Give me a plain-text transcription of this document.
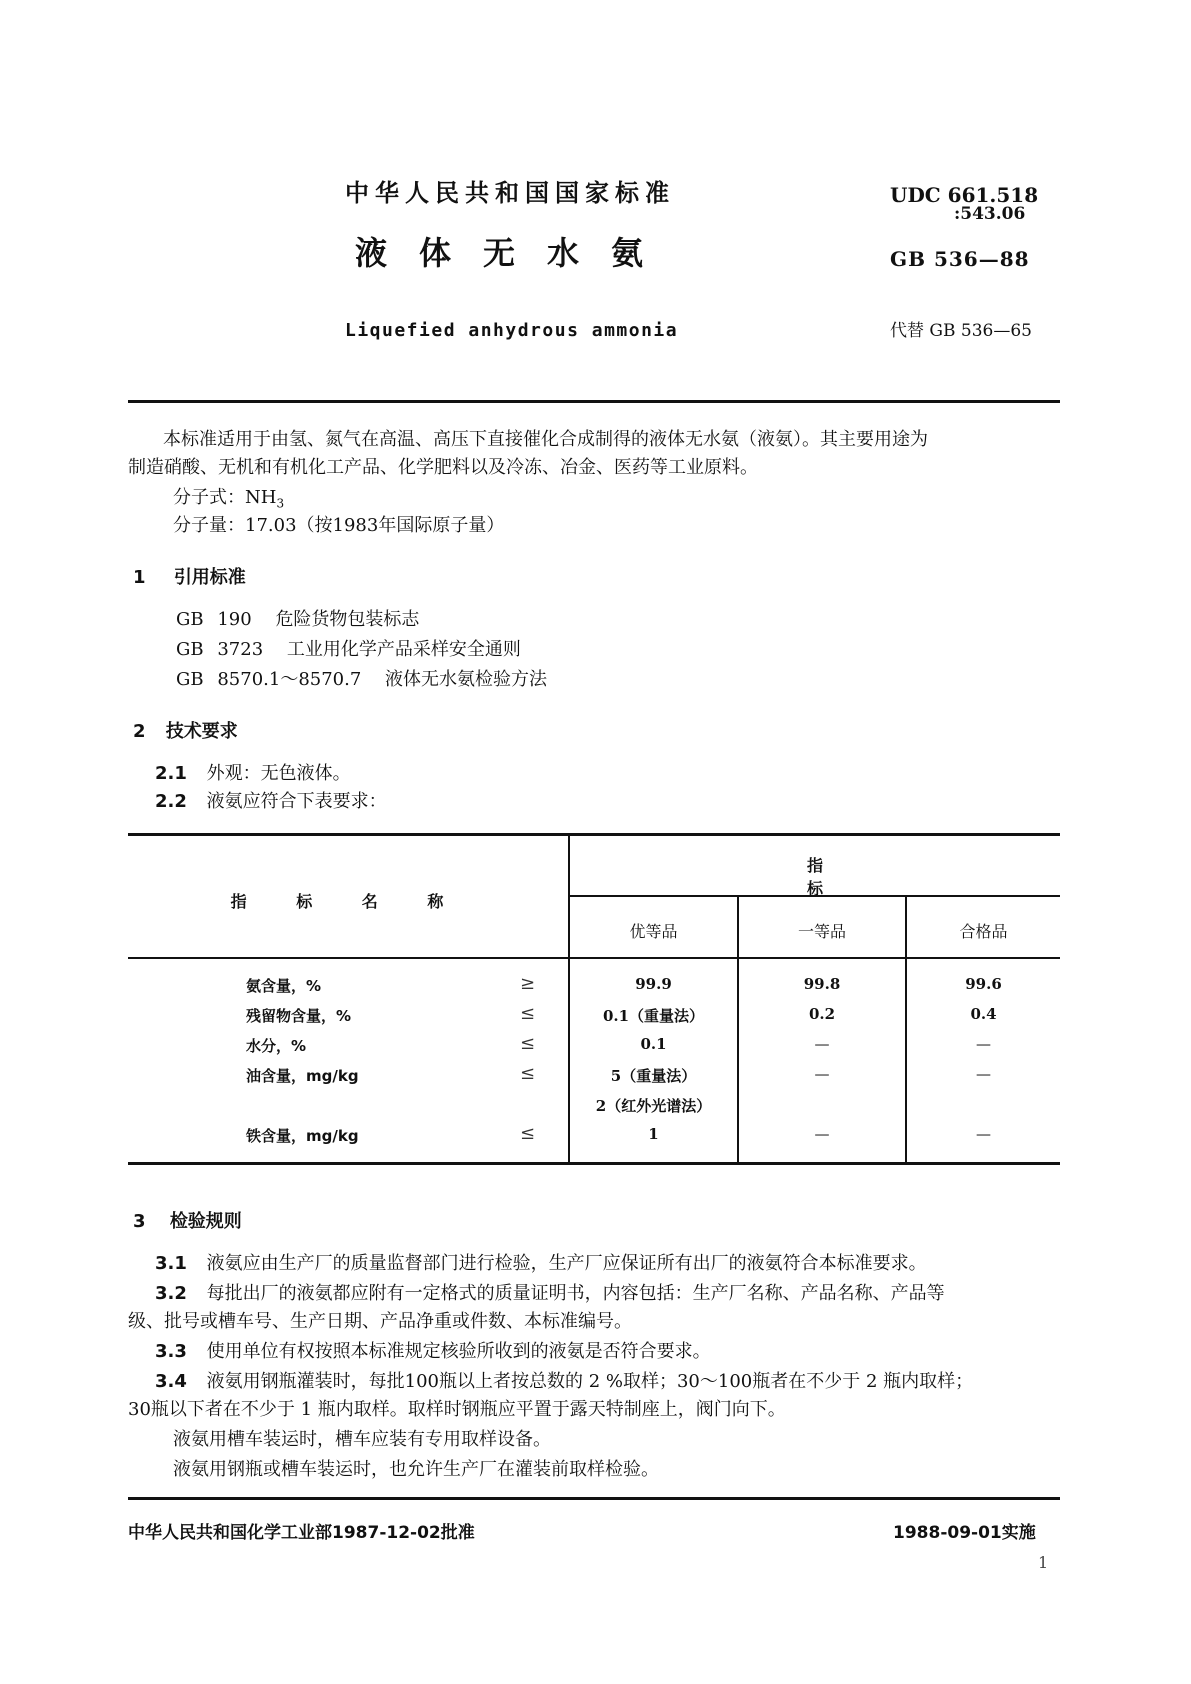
中华人民共和国国家标准
液体无水氨
Liquefied anhydrous ammonia
UDC 661.518
:543.06
GB 536—88
代替 GB 536—65
本标准适用于由氢、氮气在高温、高压下直接催化合成制得的液体无水氨（液氨）。其主要用途为
制造硝酸、无机和有机化工产品、化学肥料以及冷冻、冶金、医药等工业原料。
分子式：$NH_3$
分子量：17.03（按1983年国际原子量）
1 引用标准
GB 190 危险货物包装标志
GB 3723 工业用化学产品采样安全通则
GB 8570.1～8570.7 液体无水氨检验方法
2 技术要求
2.1 外观：无色液体。
2.2 液氨应符合下表要求：
指 标 名 称
指 标
优等品	一等品	合格品
氨含量，%	≥	99.9	99.8	99.6
残留物含量，%	≤	0.1（重量法）	0.2	0.4
水分，%	≤	0.1	—	—
油含量，mg/kg	≤	5（重量法）	—	—
2（红外光谱法）
铁含量，mg/kg	≤	1	—	—
3 检验规则
3.1 液氨应由生产厂的质量监督部门进行检验，生产厂应保证所有出厂的液氨符合本标准要求。
3.2 每批出厂的液氨都应附有一定格式的质量证明书，内容包括：生产厂名称、产品名称、产品等
级、批号或槽车号、生产日期、产品净重或件数、本标准编号。
3.3 使用单位有权按照本标准规定核验所收到的液氨是否符合要求。
3.4 液氨用钢瓶灌装时，每批100瓶以上者按总数的 2 %取样；30～100瓶者在不少于 2 瓶内取样；
30瓶以下者在不少于 1 瓶内取样。取样时钢瓶应平置于露天特制座上，阀门向下。
液氨用槽车装运时，槽车应装有专用取样设备。
液氨用钢瓶或槽车装运时，也允许生产厂在灌装前取样检验。
中华人民共和国化学工业部1987-12-02批准	1988-09-01实施
1
